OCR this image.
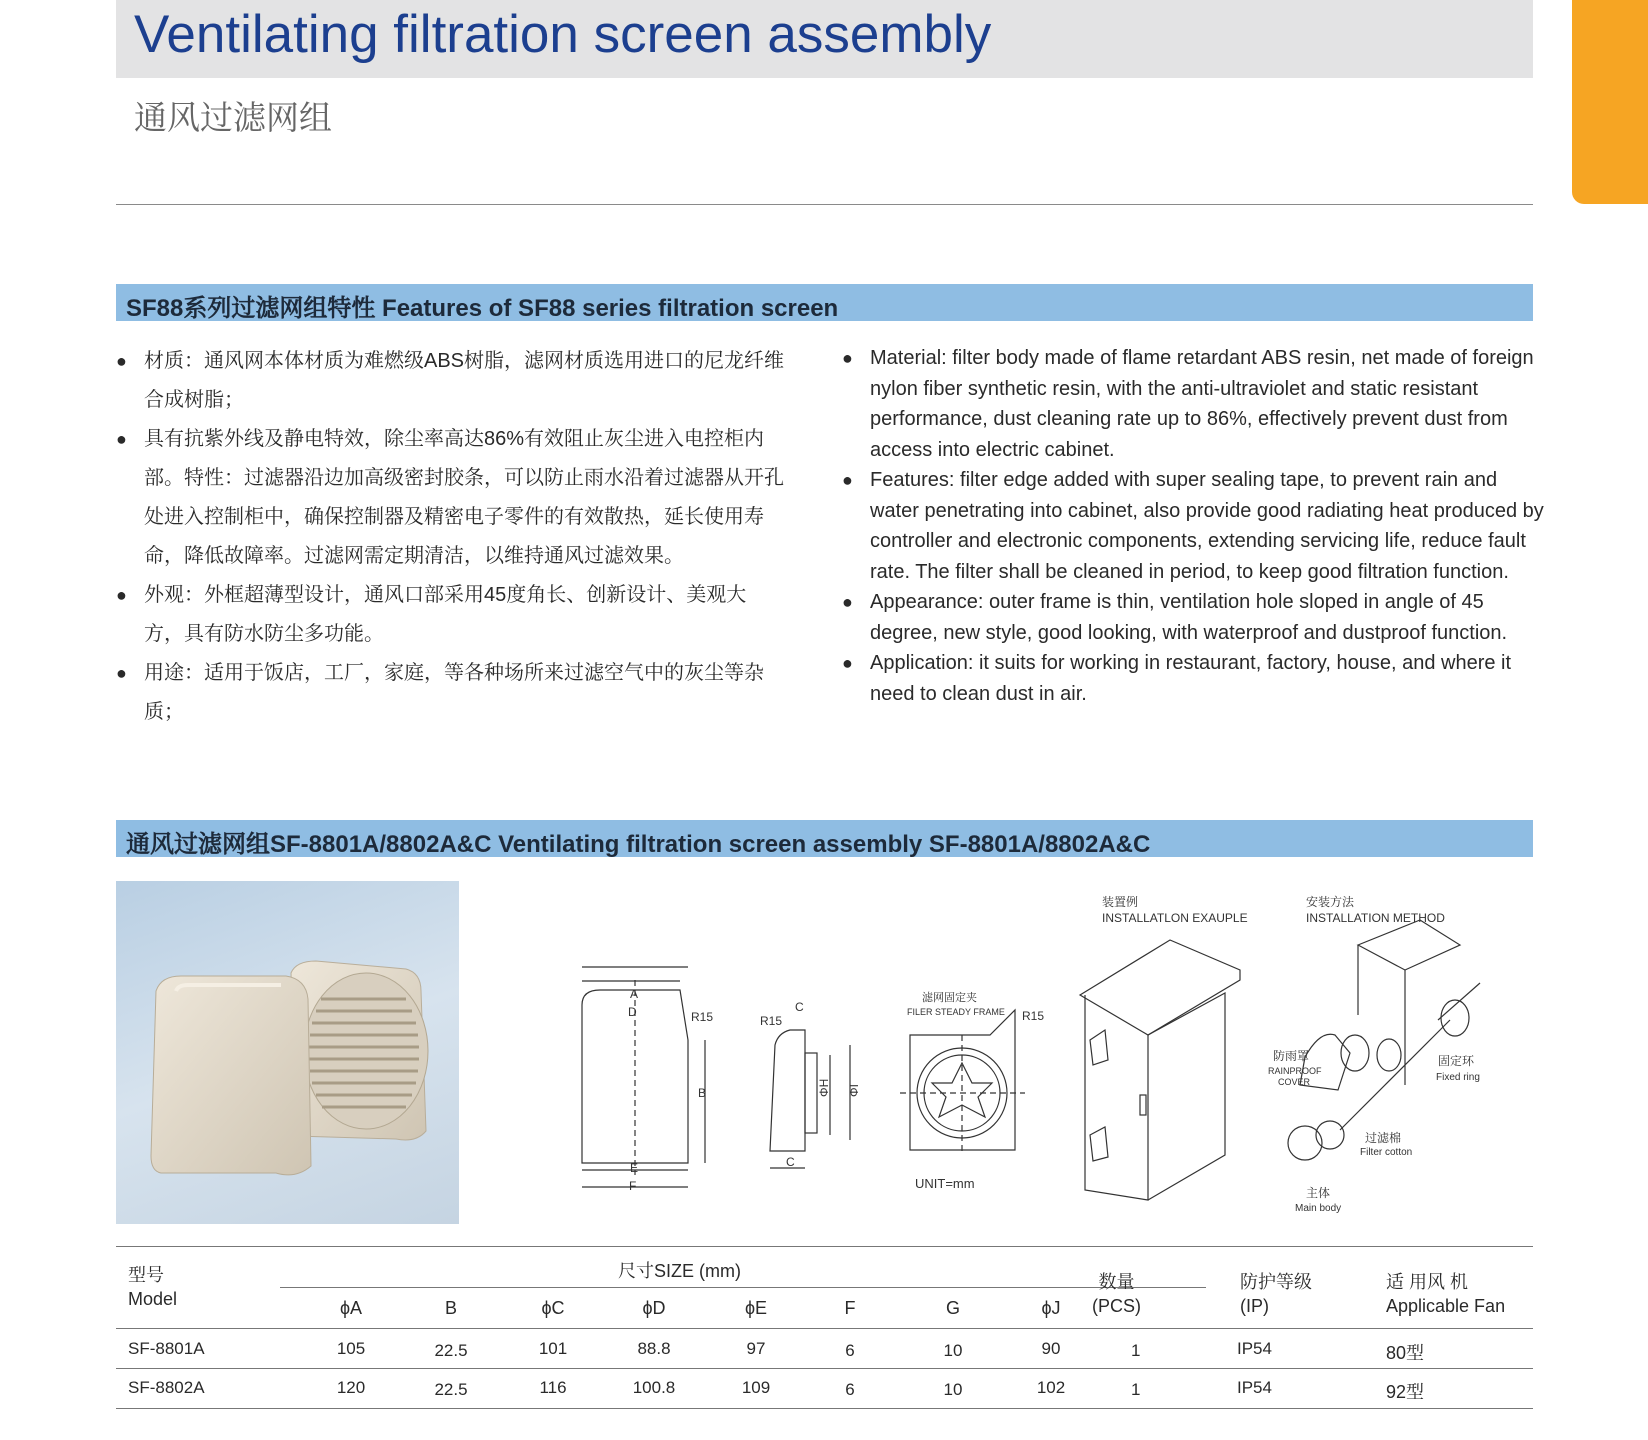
Ventilating filtration screen assembly
通风过滤网组
SF88系列过滤网组特性 Features of SF88 series filtration screen

● 材质：通风网本体材质为难燃级ABS树脂，滤网材质选用进口的尼龙纤维合成树脂；

● 具有抗紫外线及静电特效，除尘率高达86%有效阻止灰尘进入电控柜内部。特性：过滤器沿边加高级密封胶条，可以防止雨水沿着过滤器从开孔处进入控制柜中，确保控制器及精密电子零件的有效散热，延长使用寿命，降低故障率。过滤网需定期清洁，以维持通风过滤效果。

● 外观：外框超薄型设计，通风口部采用45度角长、创新设计、美观大方，具有防水防尘多功能。

● 用途：适用于饭店，工厂，家庭，等各种场所来过滤空气中的灰尘等杂质；

● Material: filter body made of flame retardant ABS resin, net made of foreign nylon fiber synthetic resin, with the anti-ultraviolet and static resistant performance, dust cleaning rate up to 86%, effectively prevent dust from access into electric cabinet.

● Features: filter edge added with super sealing tape, to prevent rain and water penetrating into cabinet, also provide good radiating heat produced by controller and electronic components, extending servicing life, reduce fault rate. The filter shall be cleaned in period, to keep good filtration function.

● Appearance: outer frame is thin, ventilation hole sloped in angle of 45 degree, new style, good looking, with waterproof and dustproof function.

● Application: it suits for working in restaurant, factory, house, and where it need to clean dust in air.

通风过滤网组SF-8801A/8802A&C Ventilating filtration screen assembly SF-8801A/8802A&C
A
D	R15
B
E
F
R15
C
C
ΦH ΦI
滤网固定夹
FILER STEADY FRAME R15
UNIT=mm
装置例
INSTALLATLON EXAUPLE
安装方法
INSTALLATION METHOD
防雨罩
RAINPROOF
COVER
固定环
Fixed ring
过滤棉
Filter cotton
主体
Main body
型号
Model
尺寸SIZE (mm)
数量
(PCS)
防护等级
(IP)
适 用风 机
Applicable Fan
ϕA	B	ϕC	ϕD	ϕE	F	G	ϕJ
SF-8801A	105	22.5	101	88.8	97	6	10	90	1	IP54	80型
SF-8802A	120	22.5	116	100.8	109	6	10	102	1	IP54	92型
